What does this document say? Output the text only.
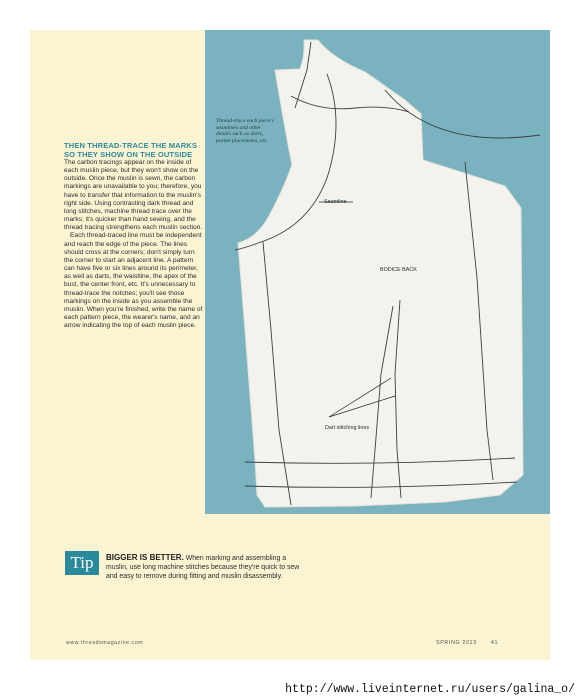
Thread-trace each piece's seamlines and other details such as darts, pocket placements, etc.
Seamline
BODICE BACK
Dart stitching lines
THEN THREAD-TRACE THE MARKS SO THEY SHOW ON THE OUTSIDE

The carbon tracings appear on the inside of each muslin piece, but they won't show on the outside. Once the muslin is sewn, the carbon markings are unavailable to you; therefore, you have to transfer that information to the muslin's right side. Using contrasting dark thread and long stitches, machine thread trace over the marks; it's quicker than hand sewing, and the thread tracing strengthens each muslin section.

Each thread-traced line must be independent and reach the edge of the piece. The lines should cross at the corners; don't simply turn the corner to start an adjacent line. A pattern can have five or six lines around its perimeter, as well as darts, the waistline, the apex of the bust, the center front, etc. It's unnecessary to thread-trace the notches; you'll see those markings on the inside as you assemble the muslin. When you're finished, write the name of each pattern piece, the wearer's name, and an arrow indicating the top of each muslin piece.

Tip	BIGGER IS BETTER. When marking and assembling a muslin, use long machine stitches because they're quick to sew and easy to remove during fitting and muslin disassembly.
www.threadsmagazine.com	SPRING 2013	41
http://www.liveinternet.ru/users/galina_o/
